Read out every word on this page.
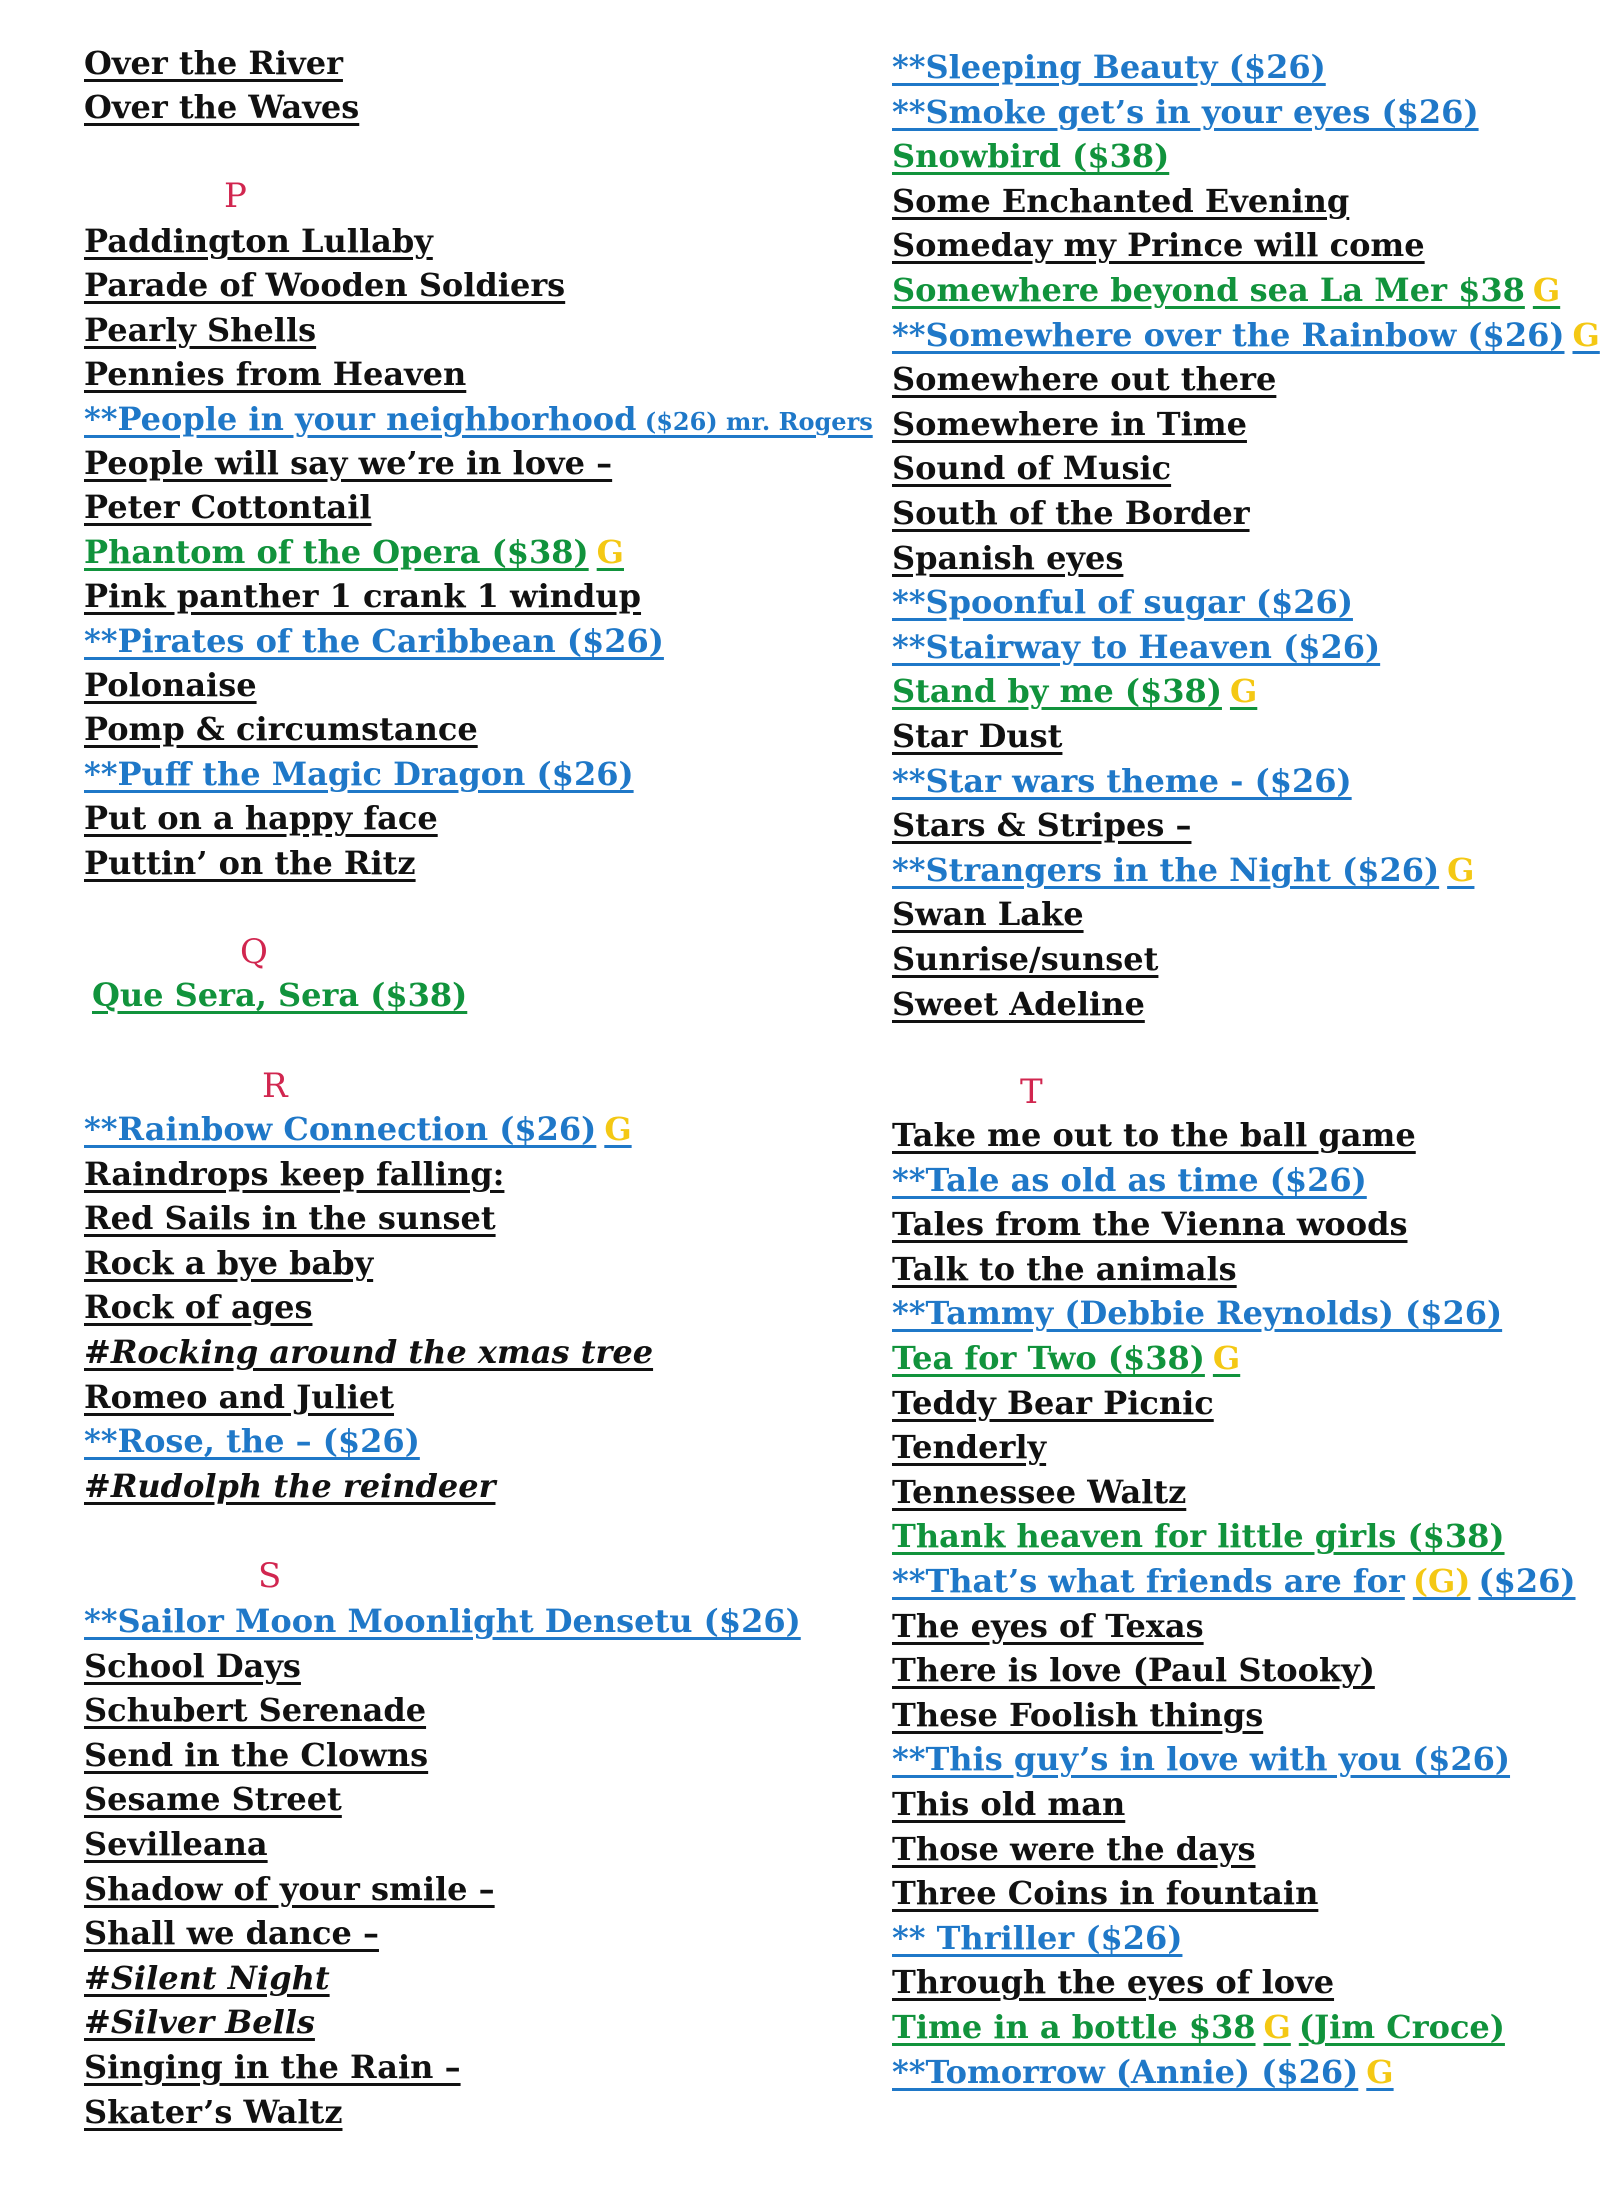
Over the River
Over the Waves
P
Paddington Lullaby
Parade of Wooden Soldiers
Pearly Shells
Pennies from Heaven
**People in your neighborhood ($26) mr. Rogers
People will say we’re in love –
Peter Cottontail
Phantom of the Opera ($38) G
Pink panther 1 crank 1 windup
**Pirates of the Caribbean ($26)
Polonaise
Pomp & circumstance
**Puff the Magic Dragon ($26)
Put on a happy face
Puttin’ on the Ritz
Q
Que Sera, Sera ($38)
R
**Rainbow Connection ($26) G
Raindrops keep falling:
Red Sails in the sunset
Rock a bye baby
Rock of ages
#Rocking around the xmas tree
Romeo and Juliet
**Rose, the – ($26)
#Rudolph the reindeer
S
**Sailor Moon Moonlight Densetu ($26)
School Days
Schubert Serenade
Send in the Clowns
Sesame Street
Sevilleana
Shadow of your smile –
Shall we dance –
#Silent Night
#Silver Bells
Singing in the Rain –
Skater’s Waltz
**Sleeping Beauty ($26)
**Smoke get’s in your eyes ($26)
Snowbird ($38)
Some Enchanted Evening
Someday my Prince will come
Somewhere beyond sea La Mer $38 G
**Somewhere over the Rainbow ($26) G
Somewhere out there
Somewhere in Time
Sound of Music
South of the Border
Spanish eyes
**Spoonful of sugar ($26)
**Stairway to Heaven ($26)
Stand by me ($38) G
Star Dust
**Star wars theme - ($26)
Stars & Stripes –
**Strangers in the Night ($26) G
Swan Lake
Sunrise/sunset
Sweet Adeline
T
Take me out to the ball game
**Tale as old as time ($26)
Tales from the Vienna woods
Talk to the animals
**Tammy (Debbie Reynolds) ($26)
Tea for Two ($38) G
Teddy Bear Picnic
Tenderly
Tennessee Waltz
Thank heaven for little girls ($38)
**That’s what friends are for (G) ($26)
The eyes of Texas
There is love (Paul Stooky)
These Foolish things
**This guy’s in love with you ($26)
This old man
Those were the days
Three Coins in fountain
** Thriller ($26)
Through the eyes of love
Time in a bottle $38 G (Jim Croce)
**Tomorrow (Annie) ($26) G
